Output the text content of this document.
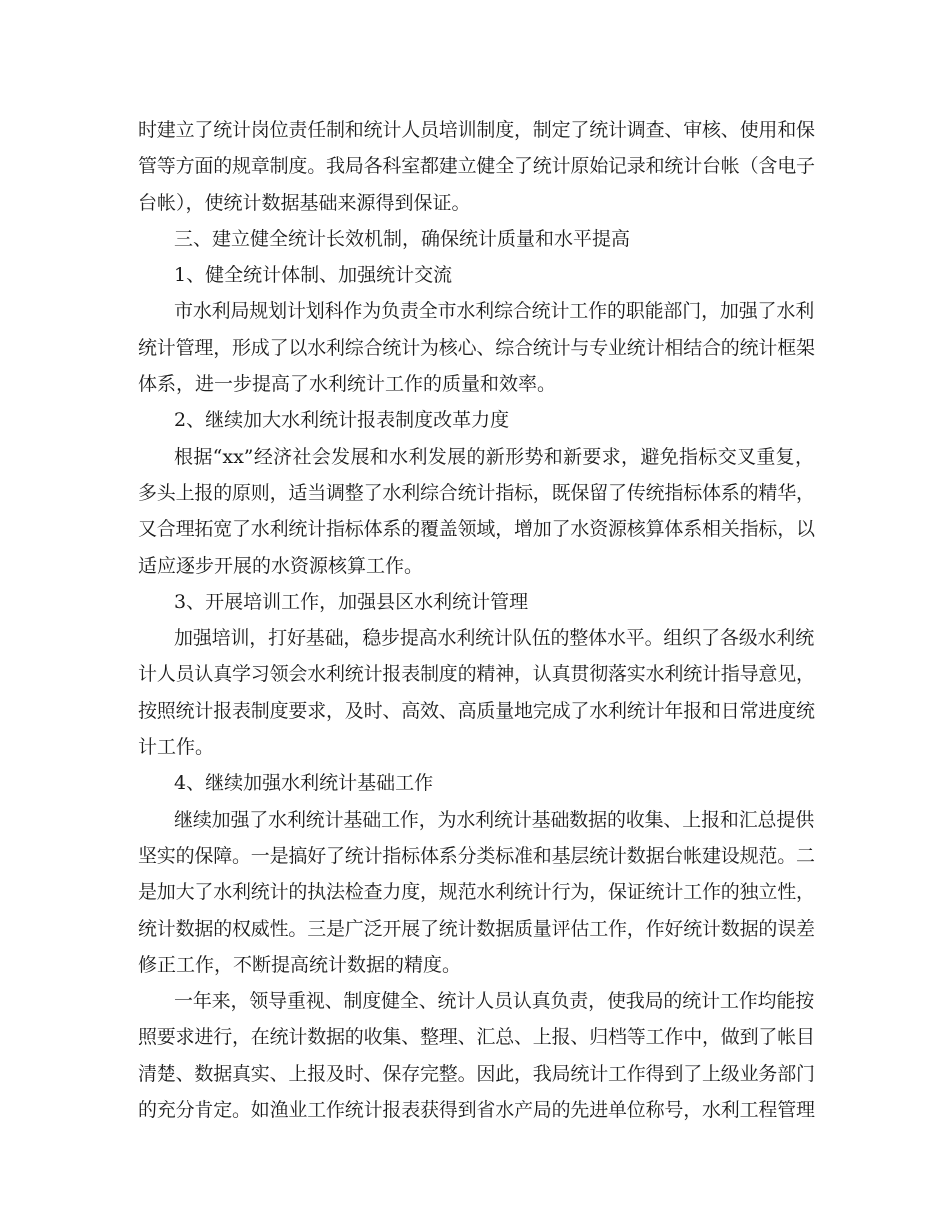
时建立了统计岗位责任制和统计人员培训制度，制定了统计调查、审核、使用和保
管等方面的规章制度。我局各科室都建立健全了统计原始记录和统计台帐（含电子
台帐），使统计数据基础来源得到保证。
三、建立健全统计长效机制，确保统计质量和水平提高
1、健全统计体制、加强统计交流
市水利局规划计划科作为负责全市水利综合统计工作的职能部门，加强了水利
统计管理，形成了以水利综合统计为核心、综合统计与专业统计相结合的统计框架
体系，进一步提高了水利统计工作的质量和效率。
2、继续加大水利统计报表制度改革力度
根据“xx”经济社会发展和水利发展的新形势和新要求，避免指标交叉重复，
多头上报的原则，适当调整了水利综合统计指标，既保留了传统指标体系的精华，
又合理拓宽了水利统计指标体系的覆盖领域，增加了水资源核算体系相关指标，以
适应逐步开展的水资源核算工作。
3、开展培训工作，加强县区水利统计管理
加强培训，打好基础，稳步提高水利统计队伍的整体水平。组织了各级水利统
计人员认真学习领会水利统计报表制度的精神，认真贯彻落实水利统计指导意见，
按照统计报表制度要求，及时、高效、高质量地完成了水利统计年报和日常进度统
计工作。
4、继续加强水利统计基础工作
继续加强了水利统计基础工作，为水利统计基础数据的收集、上报和汇总提供
坚实的保障。一是搞好了统计指标体系分类标准和基层统计数据台帐建设规范。二
是加大了水利统计的执法检查力度，规范水利统计行为，保证统计工作的独立性，
统计数据的权威性。三是广泛开展了统计数据质量评估工作，作好统计数据的误差
修正工作，不断提高统计数据的精度。
一年来，领导重视、制度健全、统计人员认真负责，使我局的统计工作均能按
照要求进行，在统计数据的收集、整理、汇总、上报、归档等工作中，做到了帐目
清楚、数据真实、上报及时、保存完整。因此，我局统计工作得到了上级业务部门
的充分肯定。如渔业工作统计报表获得到省水产局的先进单位称号，水利工程管理
